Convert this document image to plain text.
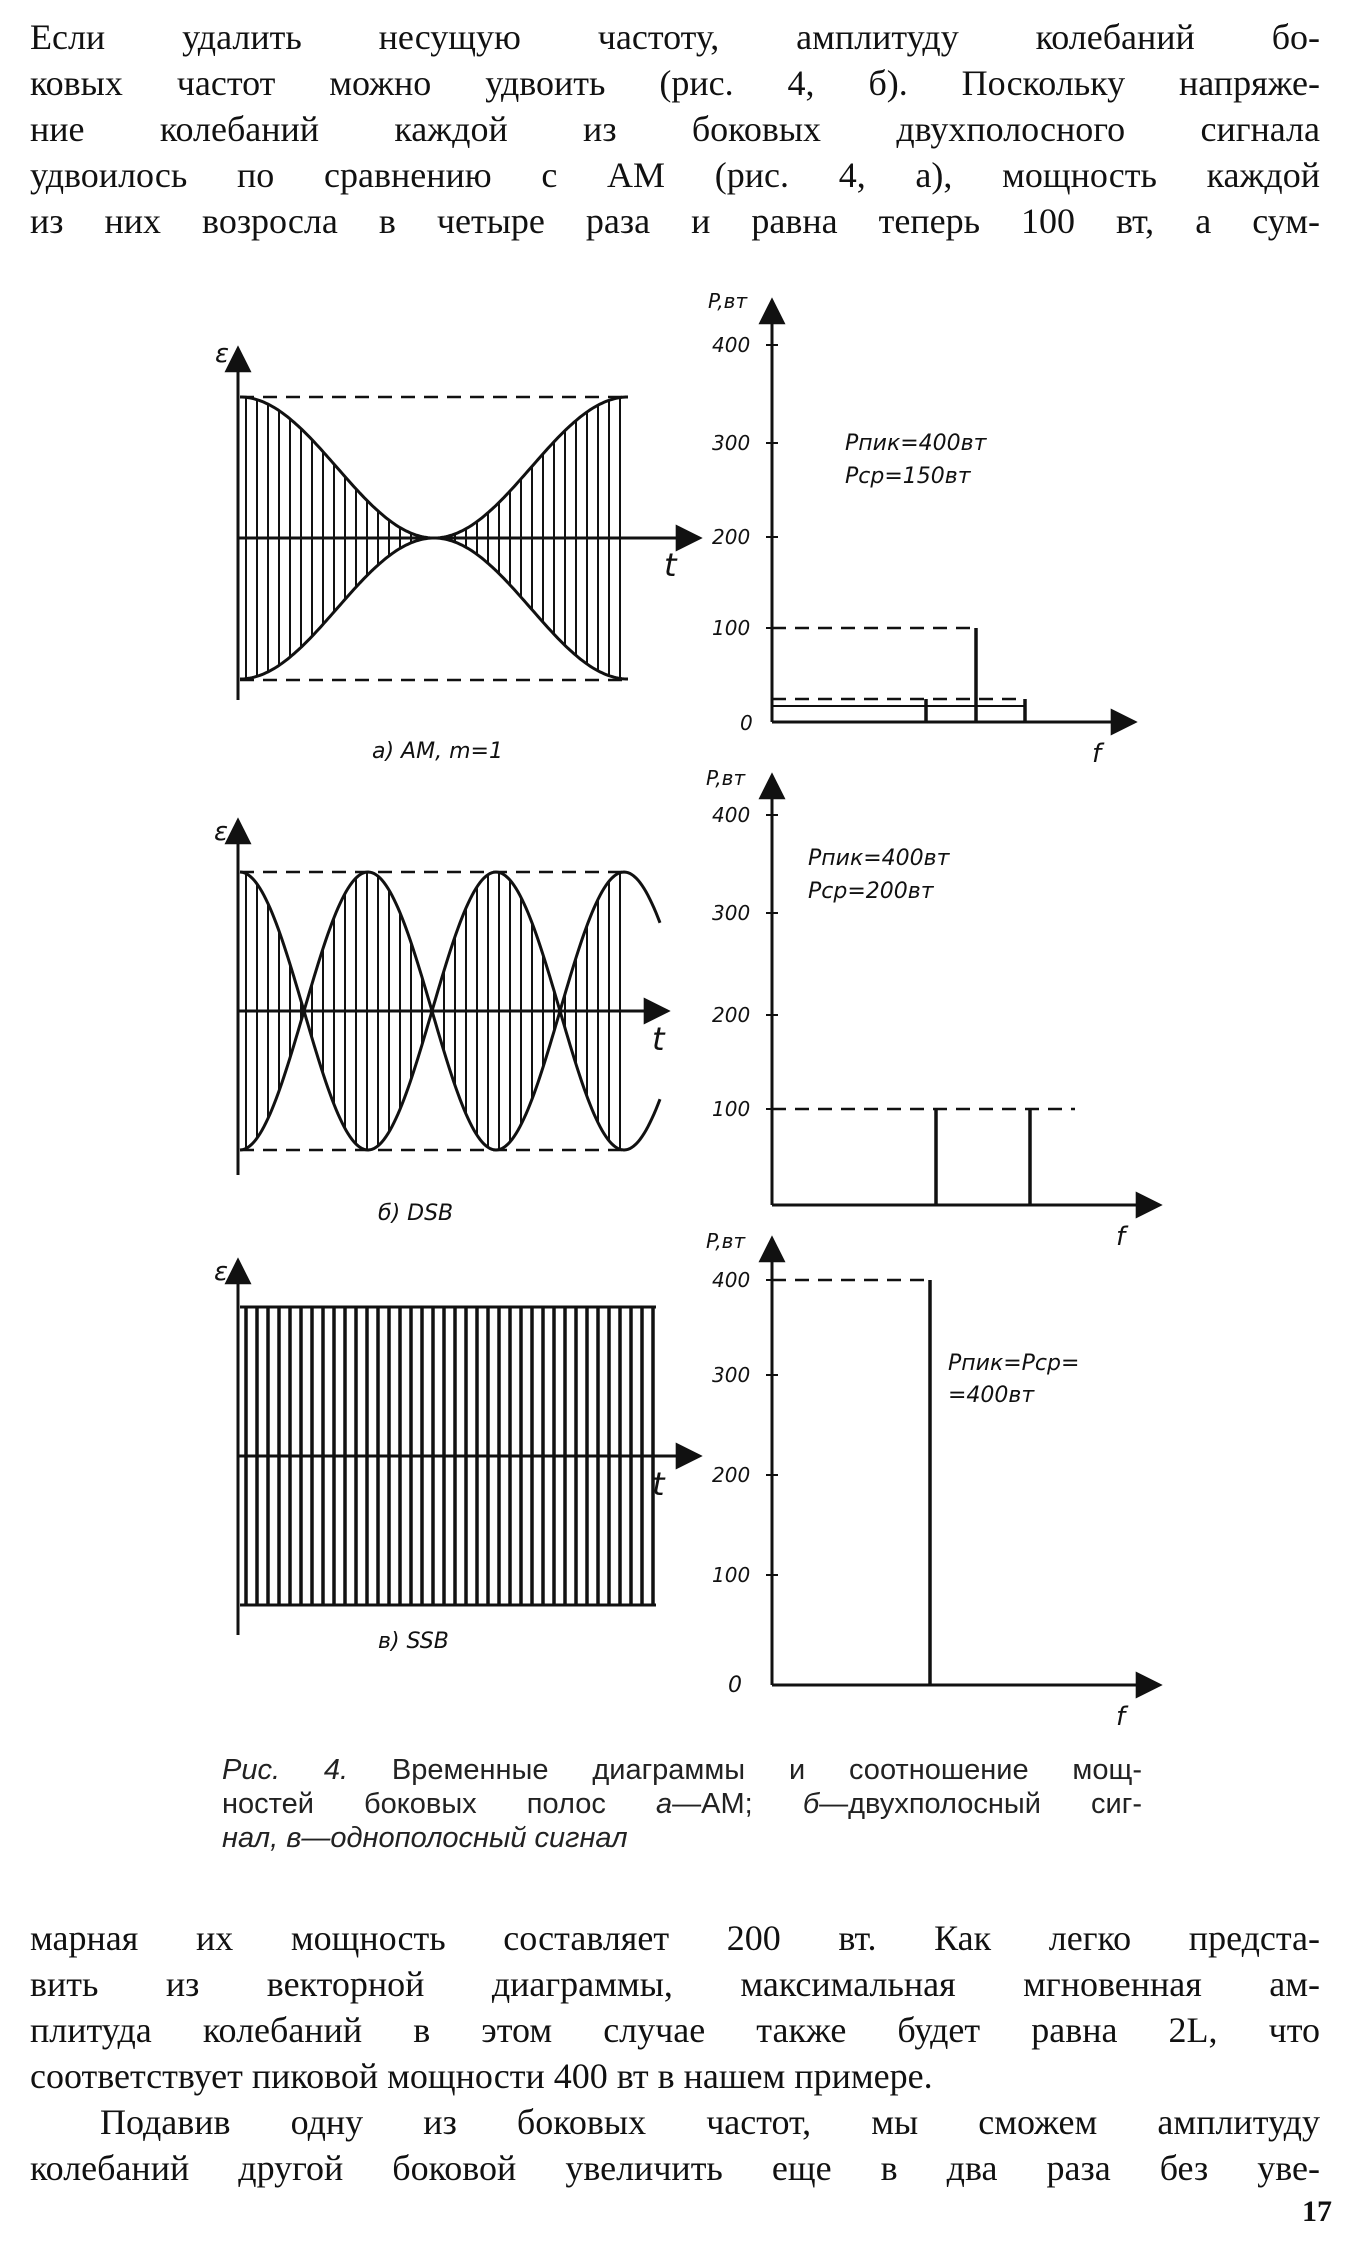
Если удалить несущую частоту, амплитуду колебаний бо-

ковых частот можно удвоить (рис. 4, б). Поскольку напряже-

ние колебаний каждой из боковых двухполосного сигнала

удвоилось по сравнению с АМ (рис. 4, а), мощность каждой

из них возросла в четыре раза и равна теперь 100 вт, а сум-

ε
t
a) AM, m=1
P,вт
400
300
200
100
0
f
Pпик=400вт
Pср=150вт
ε
t
б) DSB
P,вт
400
300
200
100
f
Pпик=400вт
Pср=200вт
ε
t
в) SSB
P,вт
400
300
200
100
0
f
Pпик=Pср=
=400вт

Рис. 4. Временные диаграммы и соотношение мощ-

ностей боковых полос а—АМ; б—двухполосный сиг-

нал, в—однополосный сигнал

марная их мощность составляет 200 вт. Как легко предста-

вить из векторной диаграммы, максимальная мгновенная ам-

плитуда колебаний в этом случае также будет равна 2L, что

соответствует пиковой мощности 400 вт в нашем примере.

Подавив одну из боковых частот, мы сможем амплитуду

колебаний другой боковой увеличить еще в два раза без уве-

17
